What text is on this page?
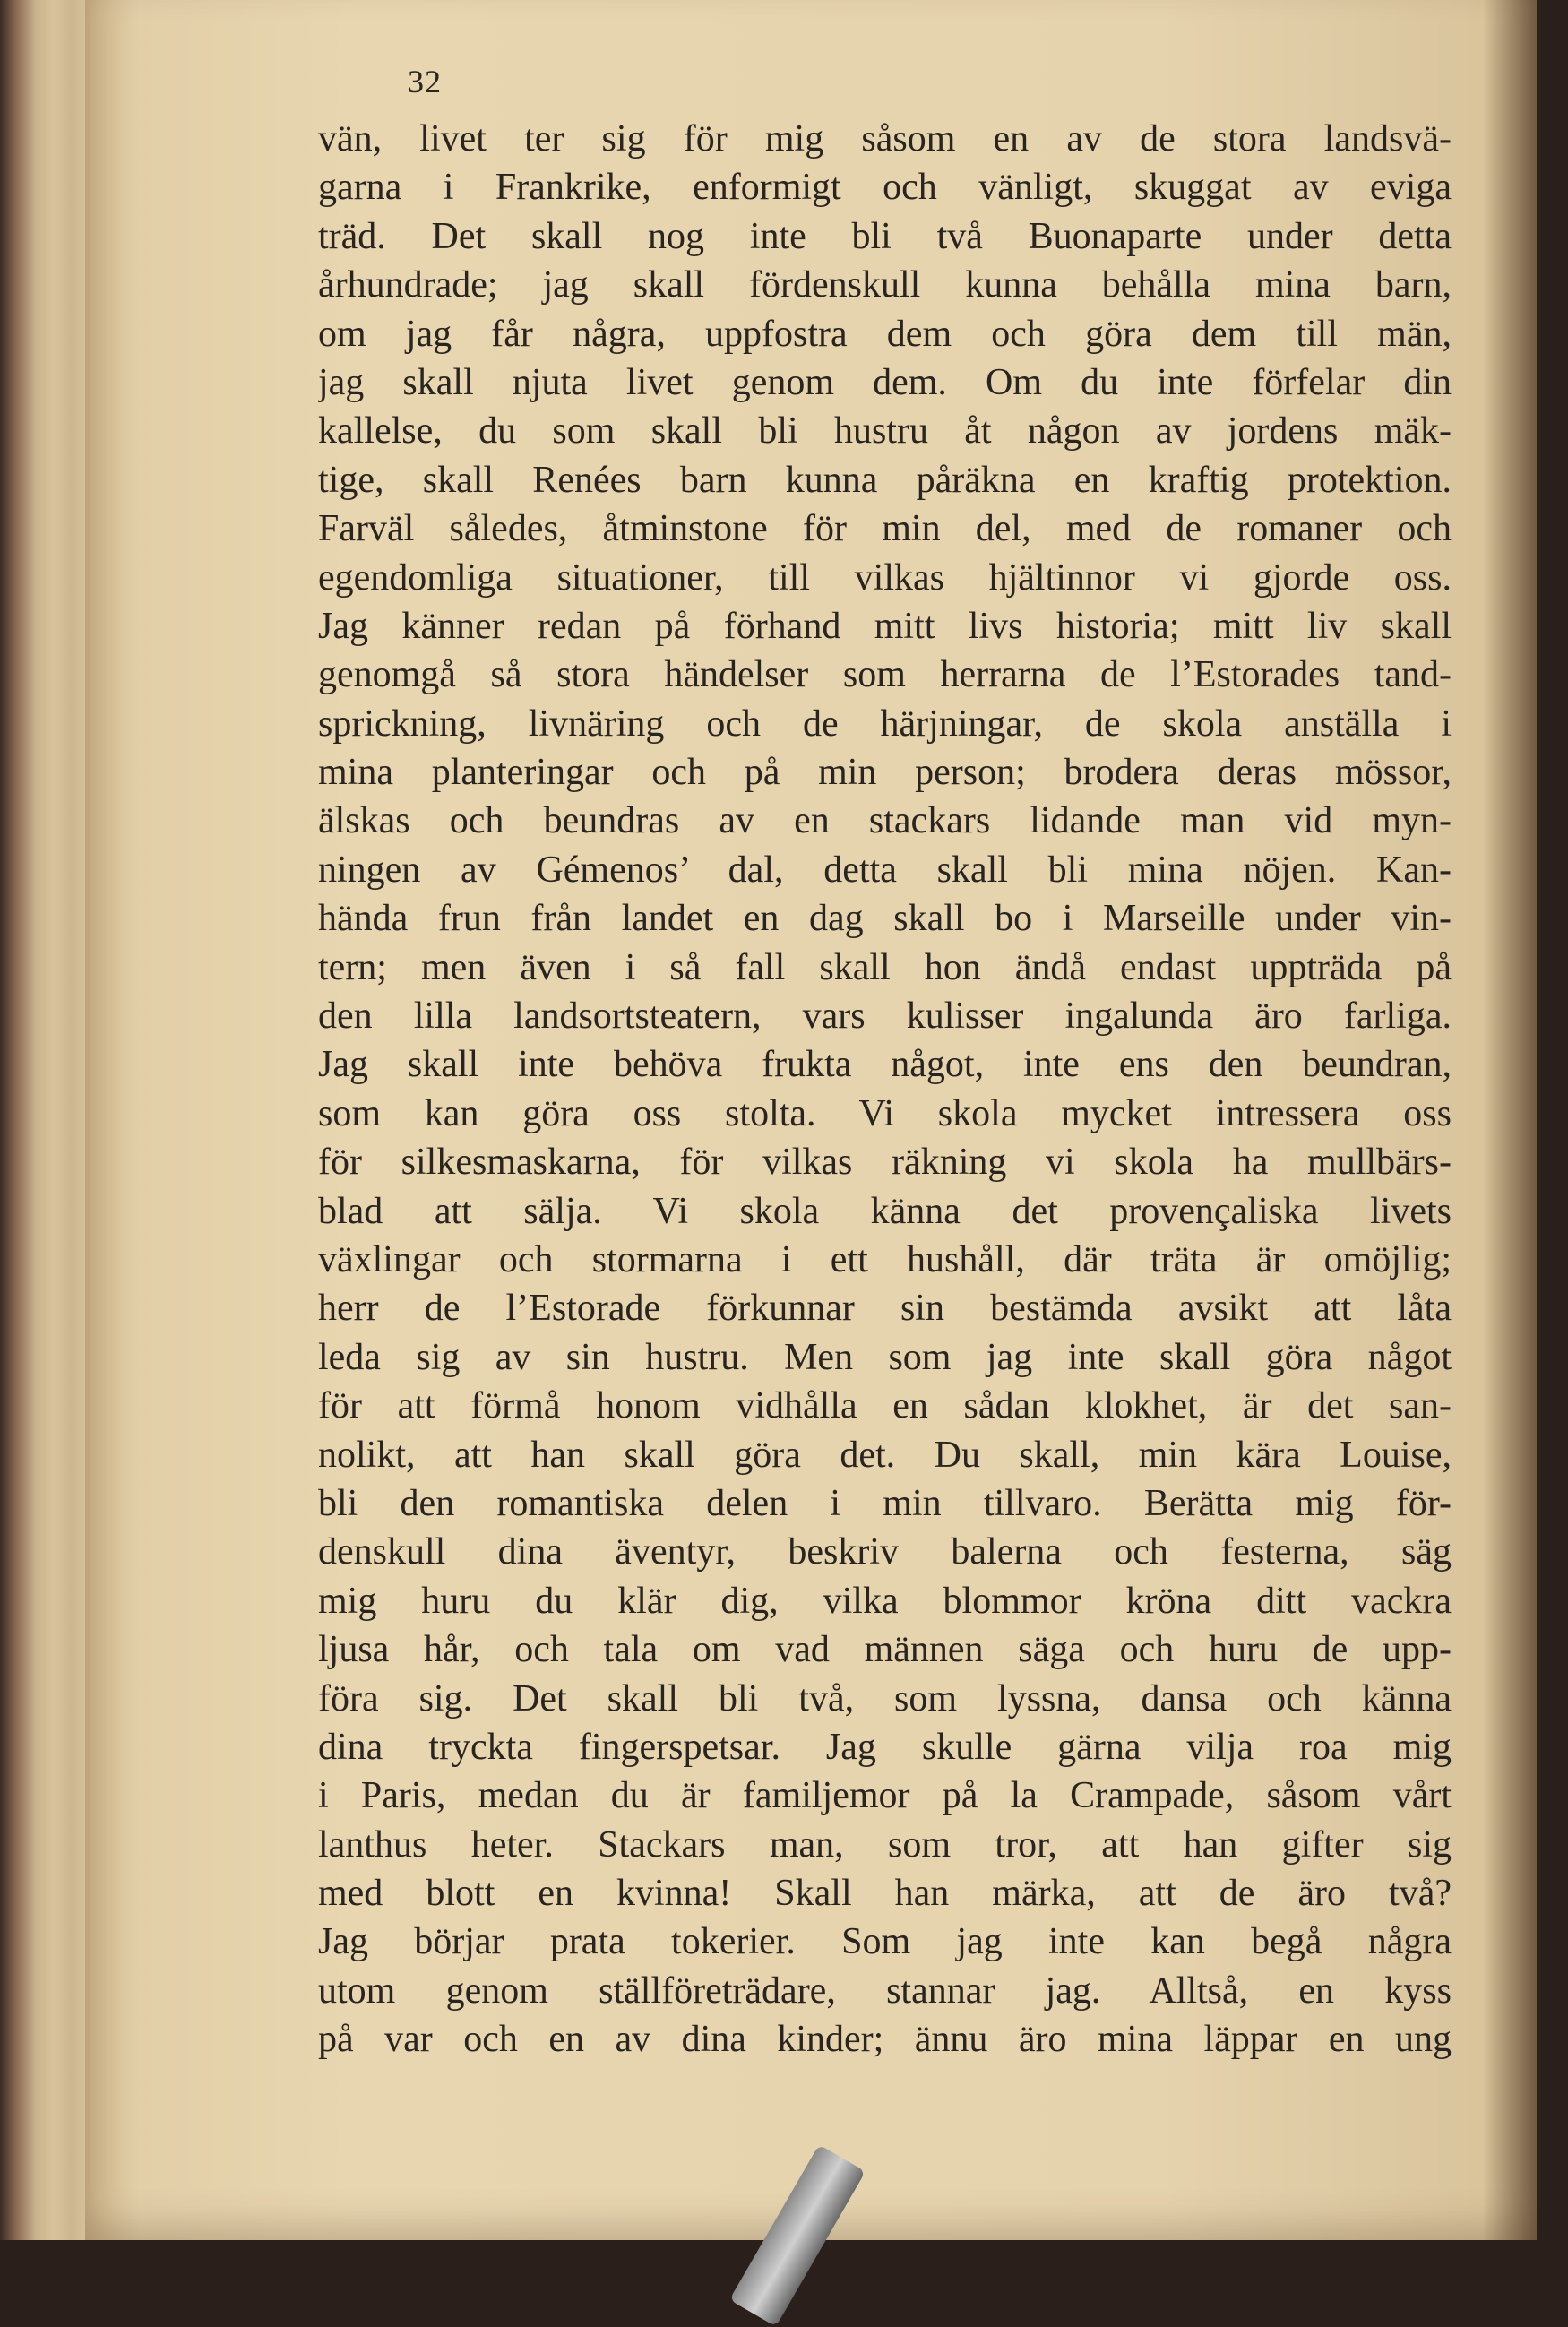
32
vän, livet ter sig för mig såsom en av de stora landsvä-
garna i Frankrike, enformigt och vänligt, skuggat av eviga
träd. Det skall nog inte bli två Buonaparte under detta
århundrade; jag skall fördenskull kunna behålla mina barn,
om jag får några, uppfostra dem och göra dem till män,
jag skall njuta livet genom dem. Om du inte förfelar din
kallelse, du som skall bli hustru åt någon av jordens mäk-
tige, skall Renées barn kunna påräkna en kraftig protektion.
Farväl således, åtminstone för min del, med de romaner och
egendomliga situationer, till vilkas hjältinnor vi gjorde oss.
Jag känner redan på förhand mitt livs historia; mitt liv skall
genomgå så stora händelser som herrarna de l’Estorades tand-
sprickning, livnäring och de härjningar, de skola anställa i
mina planteringar och på min person; brodera deras mössor,
älskas och beundras av en stackars lidande man vid myn-
ningen av Gémenos’ dal, detta skall bli mina nöjen. Kan-
hända frun från landet en dag skall bo i Marseille under vin-
tern; men även i så fall skall hon ändå endast uppträda på
den lilla landsortsteatern, vars kulisser ingalunda äro farliga.
Jag skall inte behöva frukta något, inte ens den beundran,
som kan göra oss stolta. Vi skola mycket intressera oss
för silkesmaskarna, för vilkas räkning vi skola ha mullbärs-
blad att sälja. Vi skola känna det provençaliska livets
växlingar och stormarna i ett hushåll, där träta är omöjlig;
herr de l’Estorade förkunnar sin bestämda avsikt att låta
leda sig av sin hustru. Men som jag inte skall göra något
för att förmå honom vidhålla en sådan klokhet, är det san-
nolikt, att han skall göra det. Du skall, min kära Louise,
bli den romantiska delen i min tillvaro. Berätta mig för-
denskull dina äventyr, beskriv balerna och festerna, säg
mig huru du klär dig, vilka blommor kröna ditt vackra
ljusa hår, och tala om vad männen säga och huru de upp-
föra sig. Det skall bli två, som lyssna, dansa och känna
dina tryckta fingerspetsar. Jag skulle gärna vilja roa mig
i Paris, medan du är familjemor på la Crampade, såsom vårt
lanthus heter. Stackars man, som tror, att han gifter sig
med blott en kvinna! Skall han märka, att de äro två?
Jag börjar prata tokerier. Som jag inte kan begå några
utom genom ställföreträdare, stannar jag. Alltså, en kyss
på var och en av dina kinder; ännu äro mina läppar en ung
